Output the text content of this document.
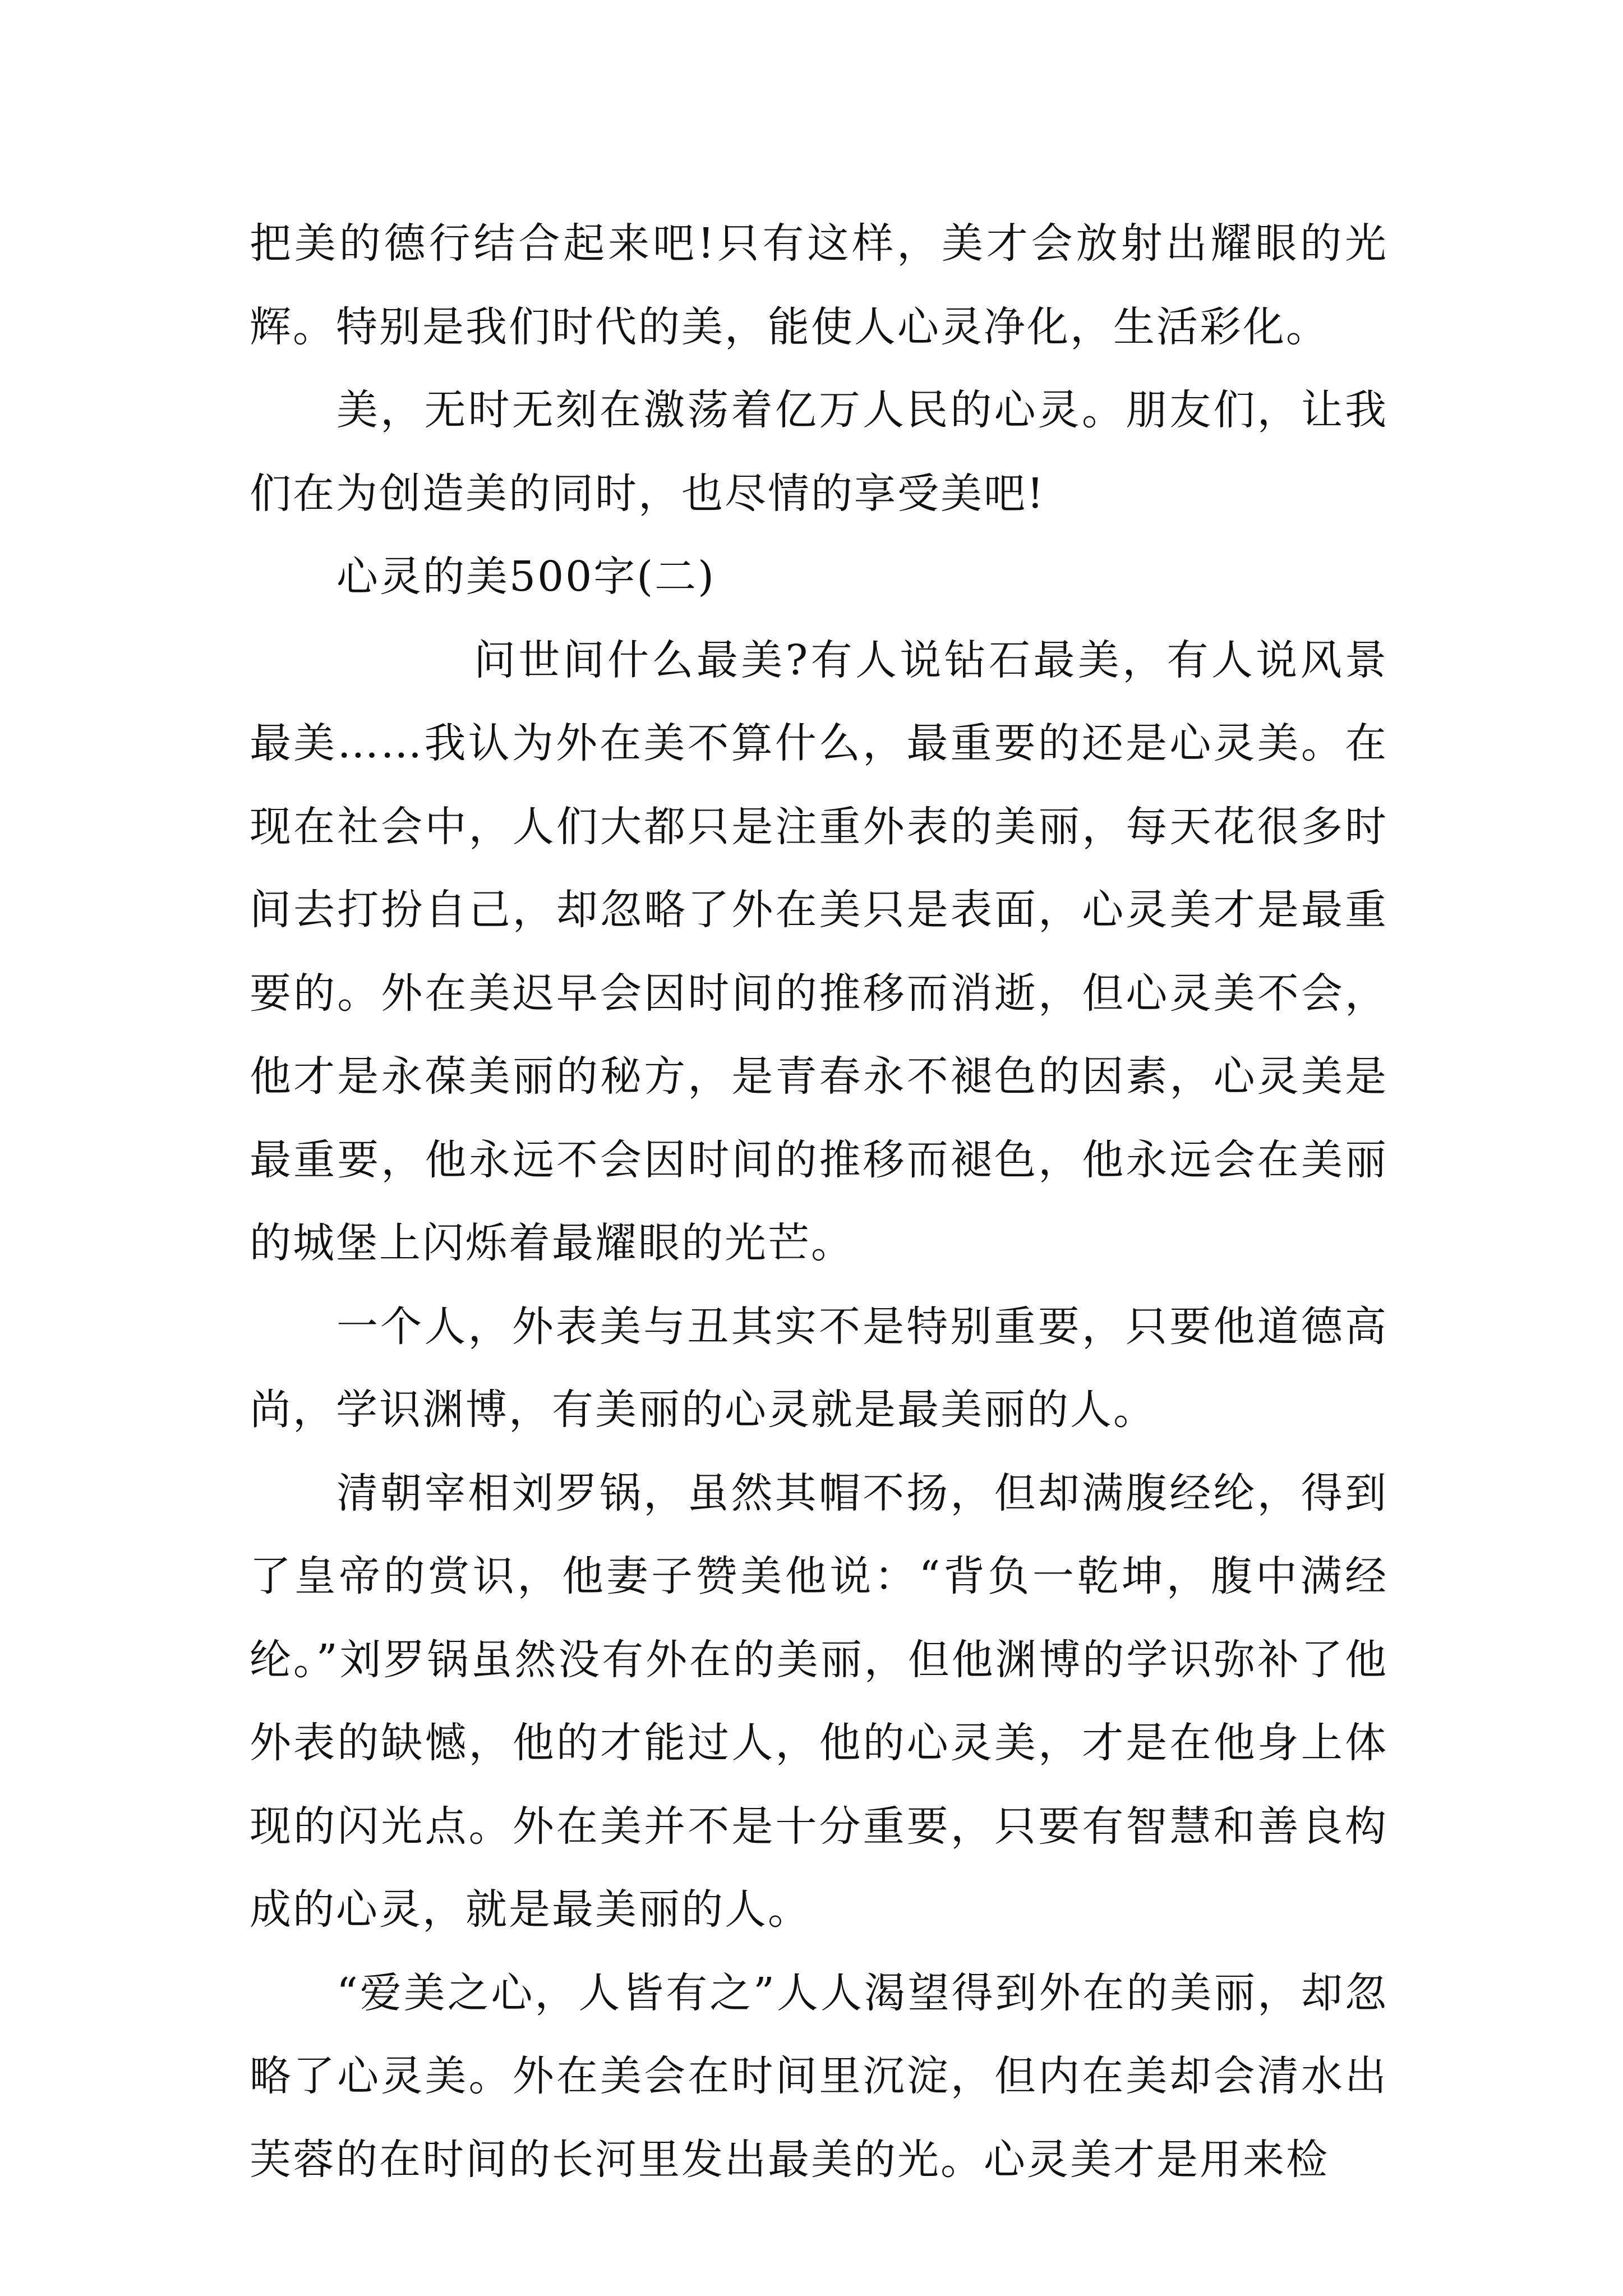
把美的德行结合起来吧!只有这样，美才会放射出耀眼的光辉。特别是我们时代的美，能使人心灵净化，生活彩化。

美，无时无刻在激荡着亿万人民的心灵。朋友们，让我们在为创造美的同时，也尽情的享受美吧!

心灵的美500字(二)

问世间什么最美?有人说钻石最美，有人说风景最美……我认为外在美不算什么，最重要的还是心灵美。在现在社会中，人们大都只是注重外表的美丽，每天花很多时间去打扮自己，却忽略了外在美只是表面，心灵美才是最重要的。外在美迟早会因时间的推移而消逝，但心灵美不会，他才是永葆美丽的秘方，是青春永不褪色的因素，心灵美是最重要，他永远不会因时间的推移而褪色，他永远会在美丽的城堡上闪烁着最耀眼的光芒。

一个人，外表美与丑其实不是特别重要，只要他道德高尚，学识渊博，有美丽的心灵就是最美丽的人。

清朝宰相刘罗锅，虽然其帽不扬，但却满腹经纶，得到了皇帝的赏识，他妻子赞美他说：“背负一乾坤，腹中满经纶。”刘罗锅虽然没有外在的美丽，但他渊博的学识弥补了他外表的缺憾，他的才能过人，他的心灵美，才是在他身上体现的闪光点。外在美并不是十分重要，只要有智慧和善良构成的心灵，就是最美丽的人。

“爱美之心，人皆有之”人人渴望得到外在的美丽，却忽略了心灵美。外在美会在时间里沉淀，但内在美却会清水出芙蓉的在时间的长河里发出最美的光。心灵美才是用来检
